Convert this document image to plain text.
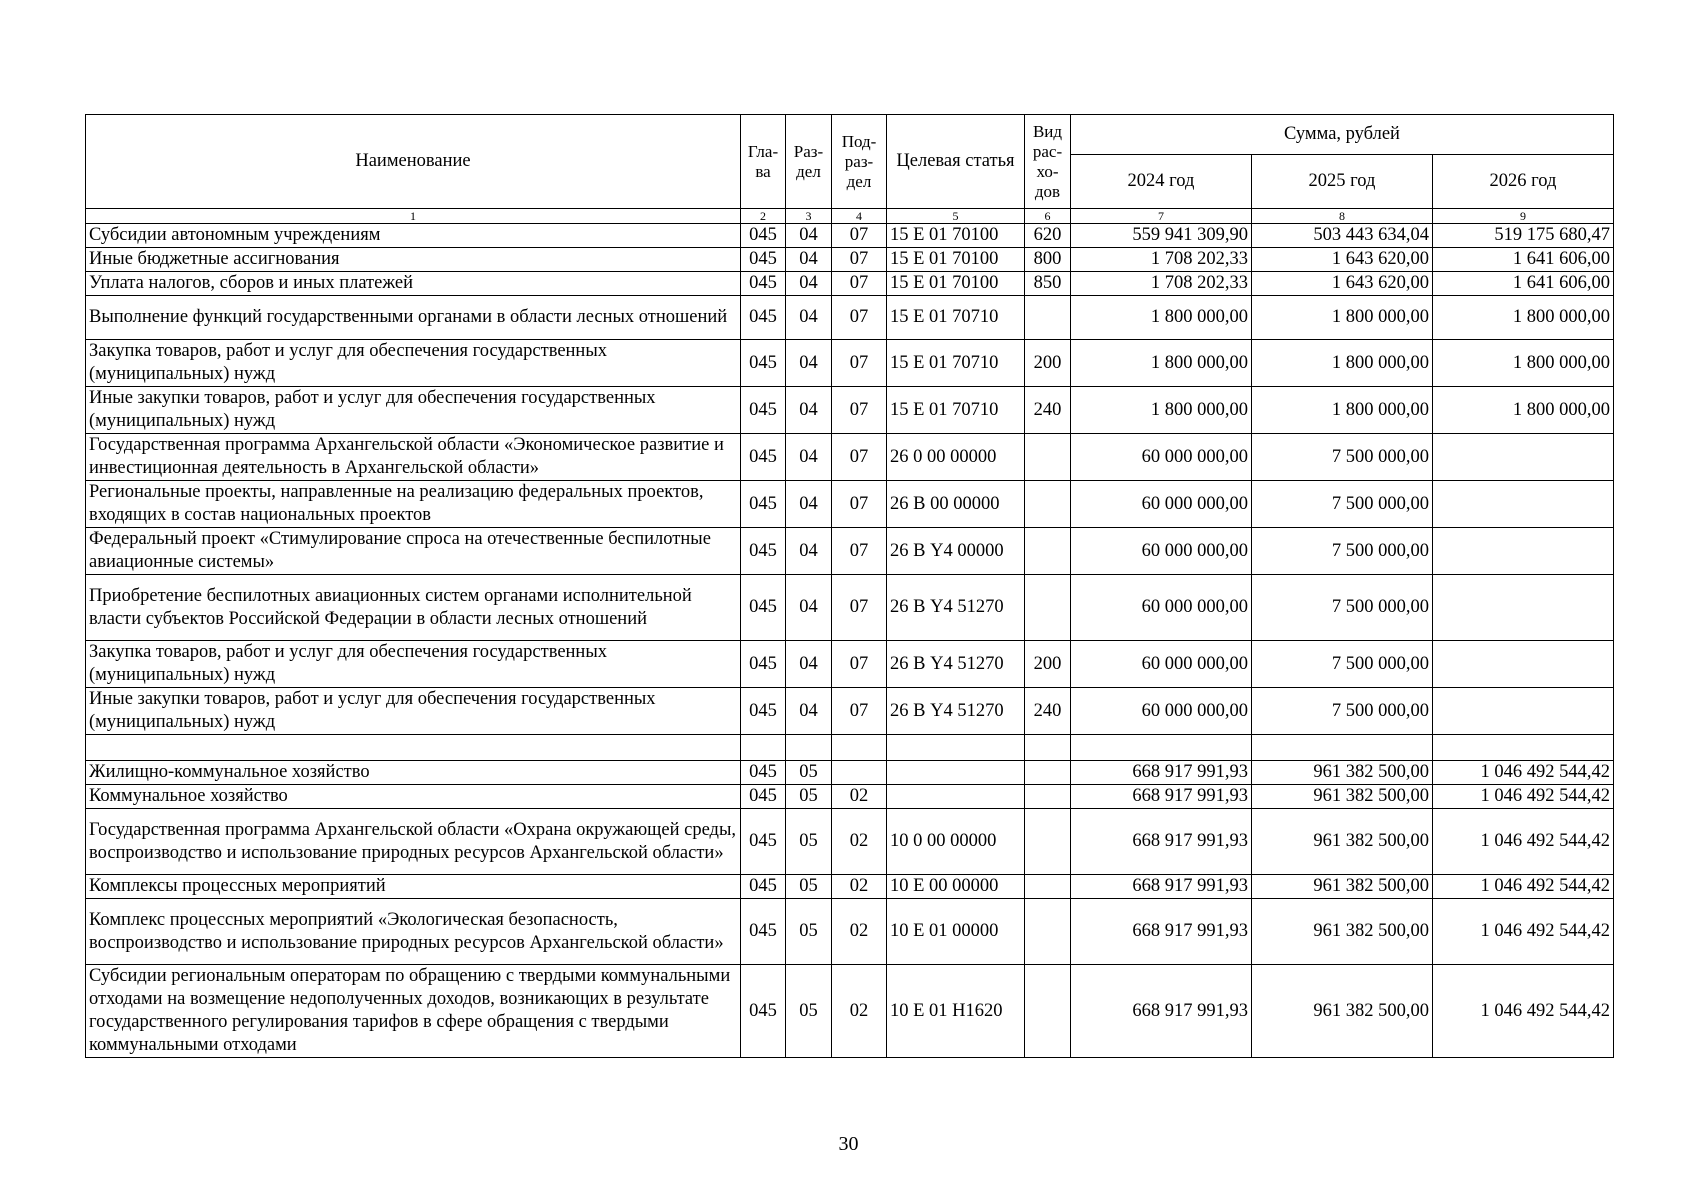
Наименование	Гла- ва	Раз- дел	Под- раз- дел	Целевая статья	Вид рас- хо- дов	Сумма, рублей		
						2024 год	2025 год	2026 год
1	2	3	4	5	6	7	8	9
Субсидии автономным учреждениям	045	04	07	15 Е 01 70100	620	559 941 309,90	503 443 634,04	519 175 680,47
Иные бюджетные ассигнования	045	04	07	15 Е 01 70100	800	1 708 202,33	1 643 620,00	1 641 606,00
Уплата налогов, сборов и иных платежей	045	04	07	15 Е 01 70100	850	1 708 202,33	1 643 620,00	1 641 606,00
Выполнение функций государственными органами в области лесных отношений	045	04	07	15 Е 01 70710		1 800 000,00	1 800 000,00	1 800 000,00
Закупка товаров, работ и услуг для обеспечения государственных (муниципальных) нужд	045	04	07	15 Е 01 70710	200	1 800 000,00	1 800 000,00	1 800 000,00
Иные закупки товаров, работ и услуг для обеспечения государственных (муниципальных) нужд	045	04	07	15 Е 01 70710	240	1 800 000,00	1 800 000,00	1 800 000,00
Государственная программа Архангельской области «Экономическое развитие и инвестиционная деятельность в Архангельской области»	045	04	07	26 0 00 00000		60 000 000,00	7 500 000,00	
Региональные проекты, направленные на реализацию федеральных проектов, входящих в состав национальных проектов	045	04	07	26 В 00 00000		60 000 000,00	7 500 000,00	
Федеральный проект «Стимулирование спроса на отечественные беспилотные авиационные системы»	045	04	07	26 В Y4 00000		60 000 000,00	7 500 000,00	
Приобретение беспилотных авиационных систем органами исполнительной власти субъектов Российской Федерации в области лесных отношений	045	04	07	26 В Y4 51270		60 000 000,00	7 500 000,00	
Закупка товаров, работ и услуг для обеспечения государственных (муниципальных) нужд	045	04	07	26 В Y4 51270	200	60 000 000,00	7 500 000,00	
Иные закупки товаров, работ и услуг для обеспечения государственных (муниципальных) нужд	045	04	07	26 В Y4 51270	240	60 000 000,00	7 500 000,00	

Жилищно-коммунальное хозяйство	045	05				668 917 991,93	961 382 500,00	1 046 492 544,42
Коммунальное хозяйство	045	05	02			668 917 991,93	961 382 500,00	1 046 492 544,42
Государственная программа Архангельской области «Охрана окружающей среды, воспроизводство и использование природных ресурсов Архангельской области»	045	05	02	10 0 00 00000		668 917 991,93	961 382 500,00	1 046 492 544,42
Комплексы процессных мероприятий	045	05	02	10 Е 00 00000		668 917 991,93	961 382 500,00	1 046 492 544,42
Комплекс процессных мероприятий «Экологическая безопасность, воспроизводство и использование природных ресурсов Архангельской области»	045	05	02	10 Е 01 00000		668 917 991,93	961 382 500,00	1 046 492 544,42
Субсидии региональным операторам по обращению с твердыми коммунальными отходами на возмещение недополученных доходов, возникающих в результате государственного регулирования тарифов в сфере обращения с твердыми коммунальными отходами	045	05	02	10 Е 01 Н1620		668 917 991,93	961 382 500,00	1 046 492 544,42
30
